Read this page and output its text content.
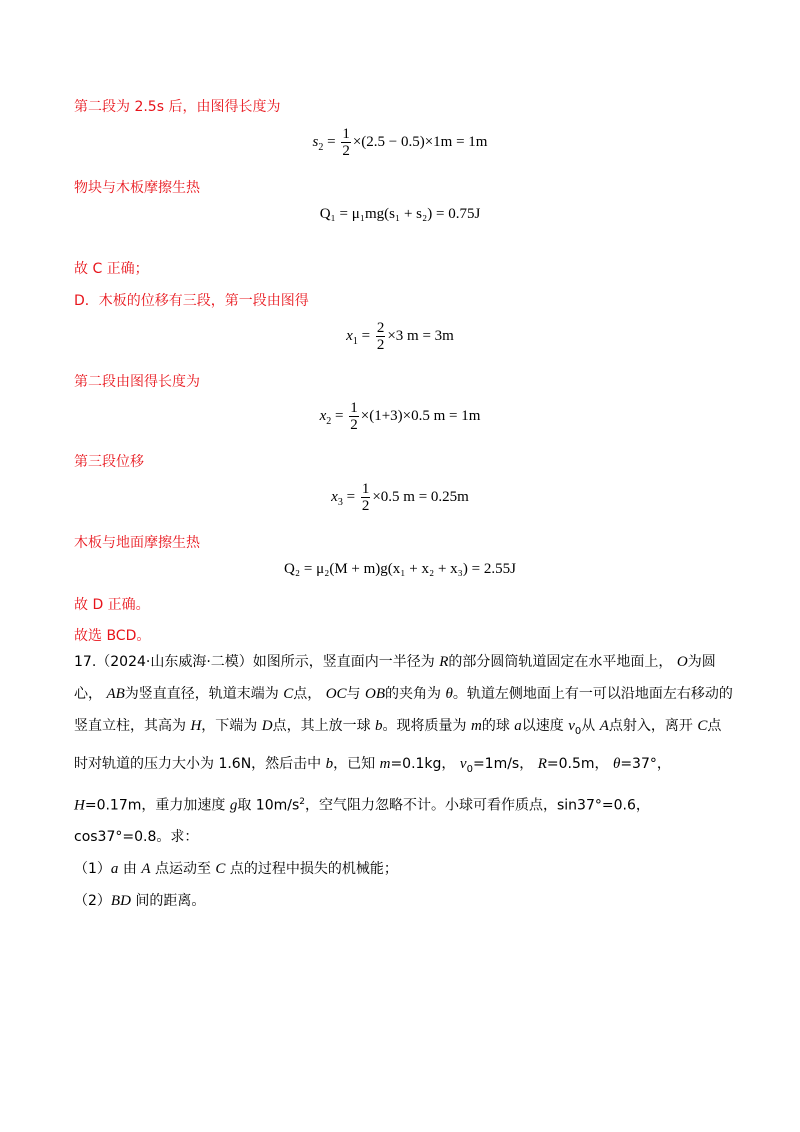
第二段为 2.5s 后，由图得长度为
$s_2 = \frac{1}{2} \times(2.5 - 0.5)\times 1m = 1m$
物块与木板摩擦生热
Q₁ = μ₁mg(s₁ + s₂) = 0.75J
故 C 正确；
D．木板的位移有三段，第一段由图得
$x_1 = \frac{2}{2} \times 3$ m = 3m
第二段由图得长度为
$x_2 = \frac{1}{2} \times(1+3)\times 0.5$ m = 1m
第三段位移
$x_3 = \frac{1}{2} \times 0.5$ m = 0.25m
木板与地面摩擦生热
Q₂ = μ₂(M + m)g(x₁ + x₂ + x₃) = 2.55J
故 D 正确。
故选 BCD。

17.（2024·山东威海·二模）如图所示，竖直面内一半径为 R的部分圆筒轨道固定在水平地面上， O为圆心， AB为竖直直径，轨道末端为 C点， OC与 OB的夹角为 θ。轨道左侧地面上有一可以沿地面左右移动的竖直立柱，其高为 H，下端为 D点，其上放一球 b。现将质量为 m的球 a以速度 $v_0$从 A点射入，离开 C点时对轨道的压力大小为 1.6N，然后击中 b，已知 m=0.1kg， $v_0=1m/s$， R=0.5m， θ=37°， H=0.17m，重力加速度 g取 $10m/s^2$，空气阻力忽略不计。小球可看作质点，sin37°=0.6，cos37°=0.8。求：

（1）a 由 A 点运动至 C 点的过程中损失的机械能；

（2）BD 间的距离。
